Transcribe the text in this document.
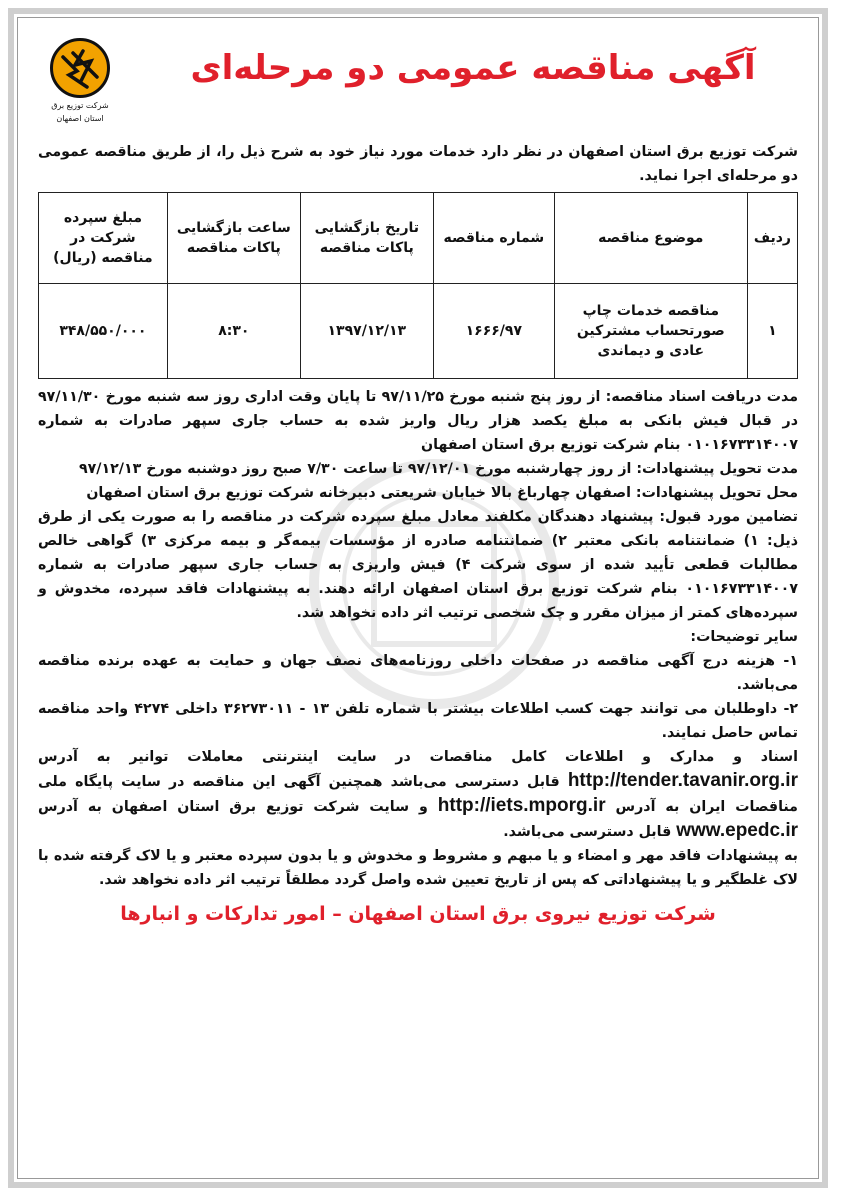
آگهی مناقصه عمومی دو مرحله‌ای
شرکت توزیع برق
استان اصفهان

شرکت توزیع برق استان اصفهان در نظر دارد خدمات مورد نیاز خود به شرح ذیل را، از طریق مناقصه عمومی دو مرحله‌ای اجرا نماید.

ردیف	موضوع مناقصه	شماره مناقصه	تاریخ بازگشایی پاکات مناقصه	ساعت بازگشایی پاکات مناقصه	مبلغ سپرده شرکت در مناقصه (ریال)
۱	مناقصه خدمات چاپ صورتحساب مشترکین عادی و دیماندی	۱۶۶۶/۹۷	۱۳۹۷/۱۲/۱۳	۸:۳۰	۳۴۸/۵۵۰/۰۰۰

مدت دریافت اسناد مناقصه: از روز پنج شنبه مورخ ۹۷/۱۱/۲۵ تا پایان وقت اداری روز سه شنبه مورخ ۹۷/۱۱/۳۰ در قبال فیش بانکی به مبلغ یکصد هزار ریال واریز شده به حساب جاری سپهر صادرات به شماره ۰۱۰۱۶۷۳۳۱۴۰۰۷ بنام شرکت توزیع برق استان اصفهان

مدت تحویل پیشنهادات: از روز چهارشنبه مورخ ۹۷/۱۲/۰۱ تا ساعت ۷/۳۰ صبح روز دوشنبه مورخ ۹۷/۱۲/۱۳

محل تحویل پیشنهادات: اصفهان چهارباغ بالا خیابان شریعتی دبیرخانه شرکت توزیع برق استان اصفهان

تضامین مورد قبول: پیشنهاد دهندگان مکلفند معادل مبلغ سپرده شرکت در مناقصه را به صورت یکی از طرق ذیل: ۱) ضمانتنامه بانکی معتبر ۲) ضمانتنامه صادره از مؤسسات بیمه‌گر و بیمه مرکزی ۳) گواهی خالص مطالبات قطعی تأیید شده از سوی شرکت ۴) فیش واریزی به حساب جاری سپهر صادرات به شماره ۰۱۰۱۶۷۳۳۱۴۰۰۷ بنام شرکت توزیع برق استان اصفهان ارائه دهند. به پیشنهادات فاقد سپرده، مخدوش و سپرده‌های کمتر از میزان مقرر و چک شخصی ترتیب اثر داده نخواهد شد.

سایر توضیحات:

۱- هزینه درج آگهی مناقصه در صفحات داخلی روزنامه‌های نصف جهان و حمایت به عهده برنده مناقصه می‌باشد.

۲- داوطلبان می توانند جهت کسب اطلاعات بیشتر با شماره تلفن ۱۳ - ۳۶۲۷۳۰۱۱ داخلی ۴۲۷۴ واحد مناقصه تماس حاصل نمایند.

اسناد و مدارک و اطلاعات کامل مناقصات در سایت اینترنتی معاملات توانیر به آدرس http://tender.tavanir.org.ir قابل دسترسی می‌باشد همچنین آگهی این مناقصه در سایت پایگاه ملی مناقصات ایران به آدرس http://iets.mporg.ir و سایت شرکت توزیع برق استان اصفهان به آدرس www.epedc.ir قابل دسترسی می‌باشد.

به پیشنهادات فاقد مهر و امضاء و یا مبهم و مشروط و مخدوش و یا بدون سپرده معتبر و یا لاک گرفته شده با لاک غلطگیر و یا پیشنهاداتی که پس از تاریخ تعیین شده واصل گردد مطلقاً ترتیب اثر داده نخواهد شد.

شرکت توزیع نیروی برق استان اصفهان – امور تدارکات و انبارها
